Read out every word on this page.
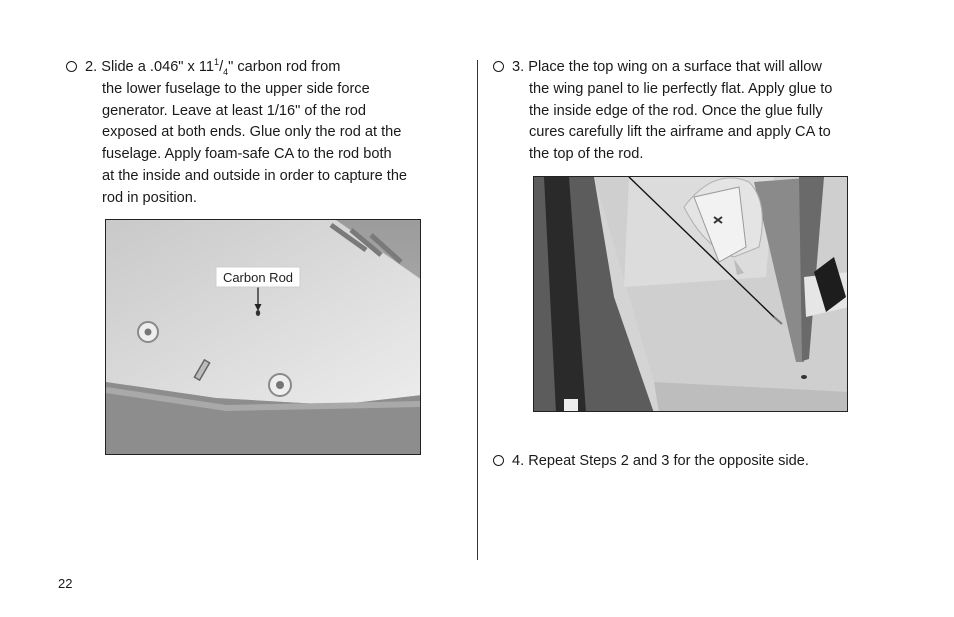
2. Slide a .046" x $11^1/_4$" carbon rod from
the lower fuselage to the upper side force
generator. Leave at least 1/16" of the rod
exposed at both ends. Glue only the rod at the
fuselage. Apply foam-safe CA to the rod both
at the inside and outside in order to capture the
rod in position.
Carbon Rod
3. Place the top wing on a surface that will allow
the wing panel to lie perfectly flat. Apply glue to
the inside edge of the rod. Once the glue fully
cures carefully lift the airframe and apply CA to
the top of the rod.
4. Repeat Steps 2 and 3 for the opposite side.
22
